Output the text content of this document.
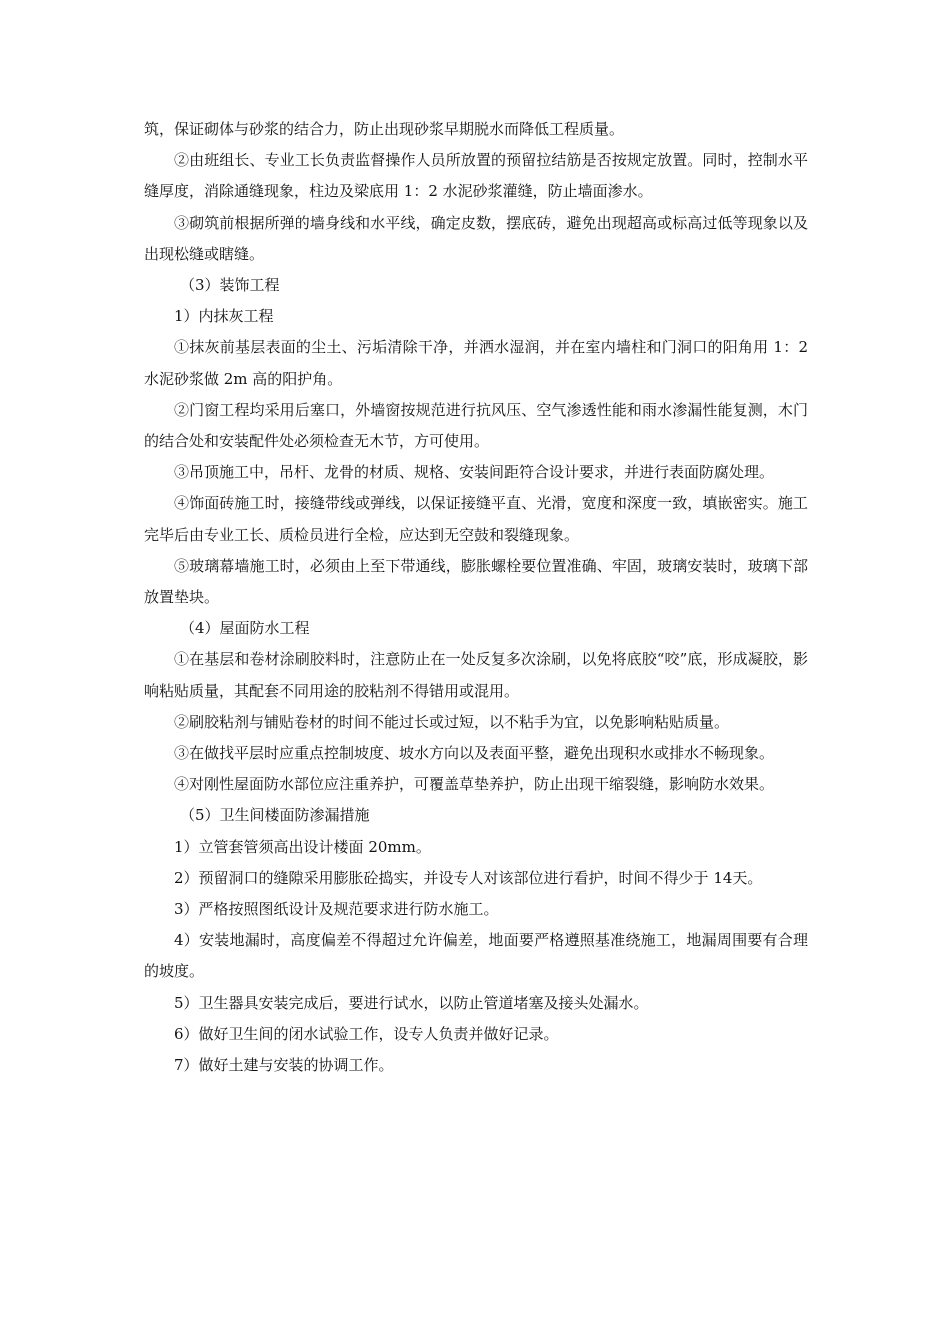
筑，保证砌体与砂浆的结合力，防止出现砂浆早期脱水而降低工程质量。

②由班组长、专业工长负责监督操作人员所放置的预留拉结筋是否按规定放置。同时，控制水平缝厚度，消除通缝现象，柱边及梁底用 1：2 水泥砂浆灌缝，防止墙面渗水。

③砌筑前根据所弹的墙身线和水平线，确定皮数，摆底砖，避免出现超高或标高过低等现象以及出现松缝或瞎缝。

（3）装饰工程

1）内抹灰工程

①抹灰前基层表面的尘土、污垢清除干净，并洒水湿润，并在室内墙柱和门洞口的阳角用 1：2 水泥砂浆做 2m 高的阳护角。

②门窗工程均采用后塞口，外墙窗按规范进行抗风压、空气渗透性能和雨水渗漏性能复测，木门的结合处和安装配件处必须检查无木节，方可使用。

③吊顶施工中，吊杆、龙骨的材质、规格、安装间距符合设计要求，并进行表面防腐处理。

④饰面砖施工时，接缝带线或弹线，以保证接缝平直、光滑，宽度和深度一致，填嵌密实。施工完毕后由专业工长、质检员进行全检，应达到无空鼓和裂缝现象。

⑤玻璃幕墙施工时，必须由上至下带通线，膨胀螺栓要位置准确、牢固，玻璃安装时，玻璃下部放置垫块。

（4）屋面防水工程

①在基层和卷材涂刷胶料时，注意防止在一处反复多次涂刷，以免将底胶“咬”底，形成凝胶，影响粘贴质量，其配套不同用途的胶粘剂不得错用或混用。

②刷胶粘剂与铺贴卷材的时间不能过长或过短，以不粘手为宜，以免影响粘贴质量。

③在做找平层时应重点控制坡度、坡水方向以及表面平整，避免出现积水或排水不畅现象。

④对刚性屋面防水部位应注重养护，可覆盖草垫养护，防止出现干缩裂缝，影响防水效果。

（5）卫生间楼面防渗漏措施

1）立管套管须高出设计楼面 20mm。

2）预留洞口的缝隙采用膨胀砼捣实，并设专人对该部位进行看护，时间不得少于 14天。

3）严格按照图纸设计及规范要求进行防水施工。

4）安装地漏时，高度偏差不得超过允许偏差，地面要严格遵照基准绕施工，地漏周围要有合理的坡度。

5）卫生器具安装完成后，要进行试水，以防止管道堵塞及接头处漏水。

6）做好卫生间的闭水试验工作，设专人负责并做好记录。

7）做好土建与安装的协调工作。
